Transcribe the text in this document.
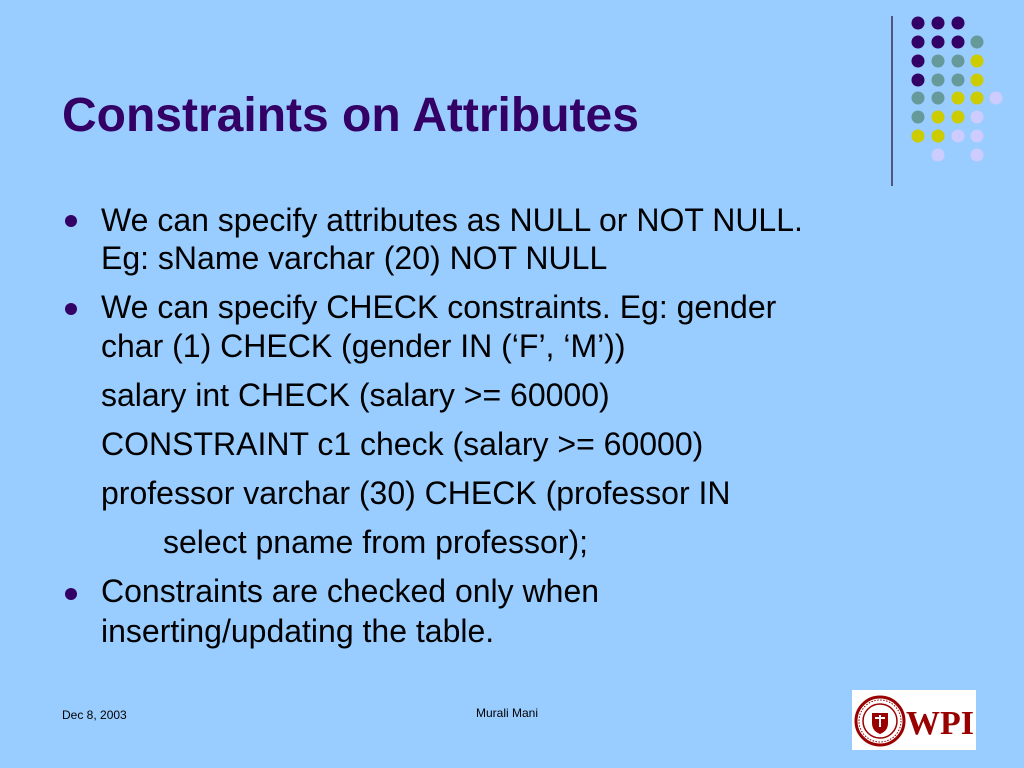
Constraints on Attributes
We can specify attributes as NULL or NOT NULL.
Eg: sName varchar (20) NOT NULL
We can specify CHECK constraints. Eg: gender
char (1) CHECK (gender IN (‘F’, ‘M’))
salary int CHECK (salary >= 60000)
CONSTRAINT c1 check (salary >= 60000)
professor varchar (30) CHECK (professor IN
select pname from professor);
Constraints are checked only when
inserting/updating the table.
Dec 8, 2003	Murali Mani	WPI
